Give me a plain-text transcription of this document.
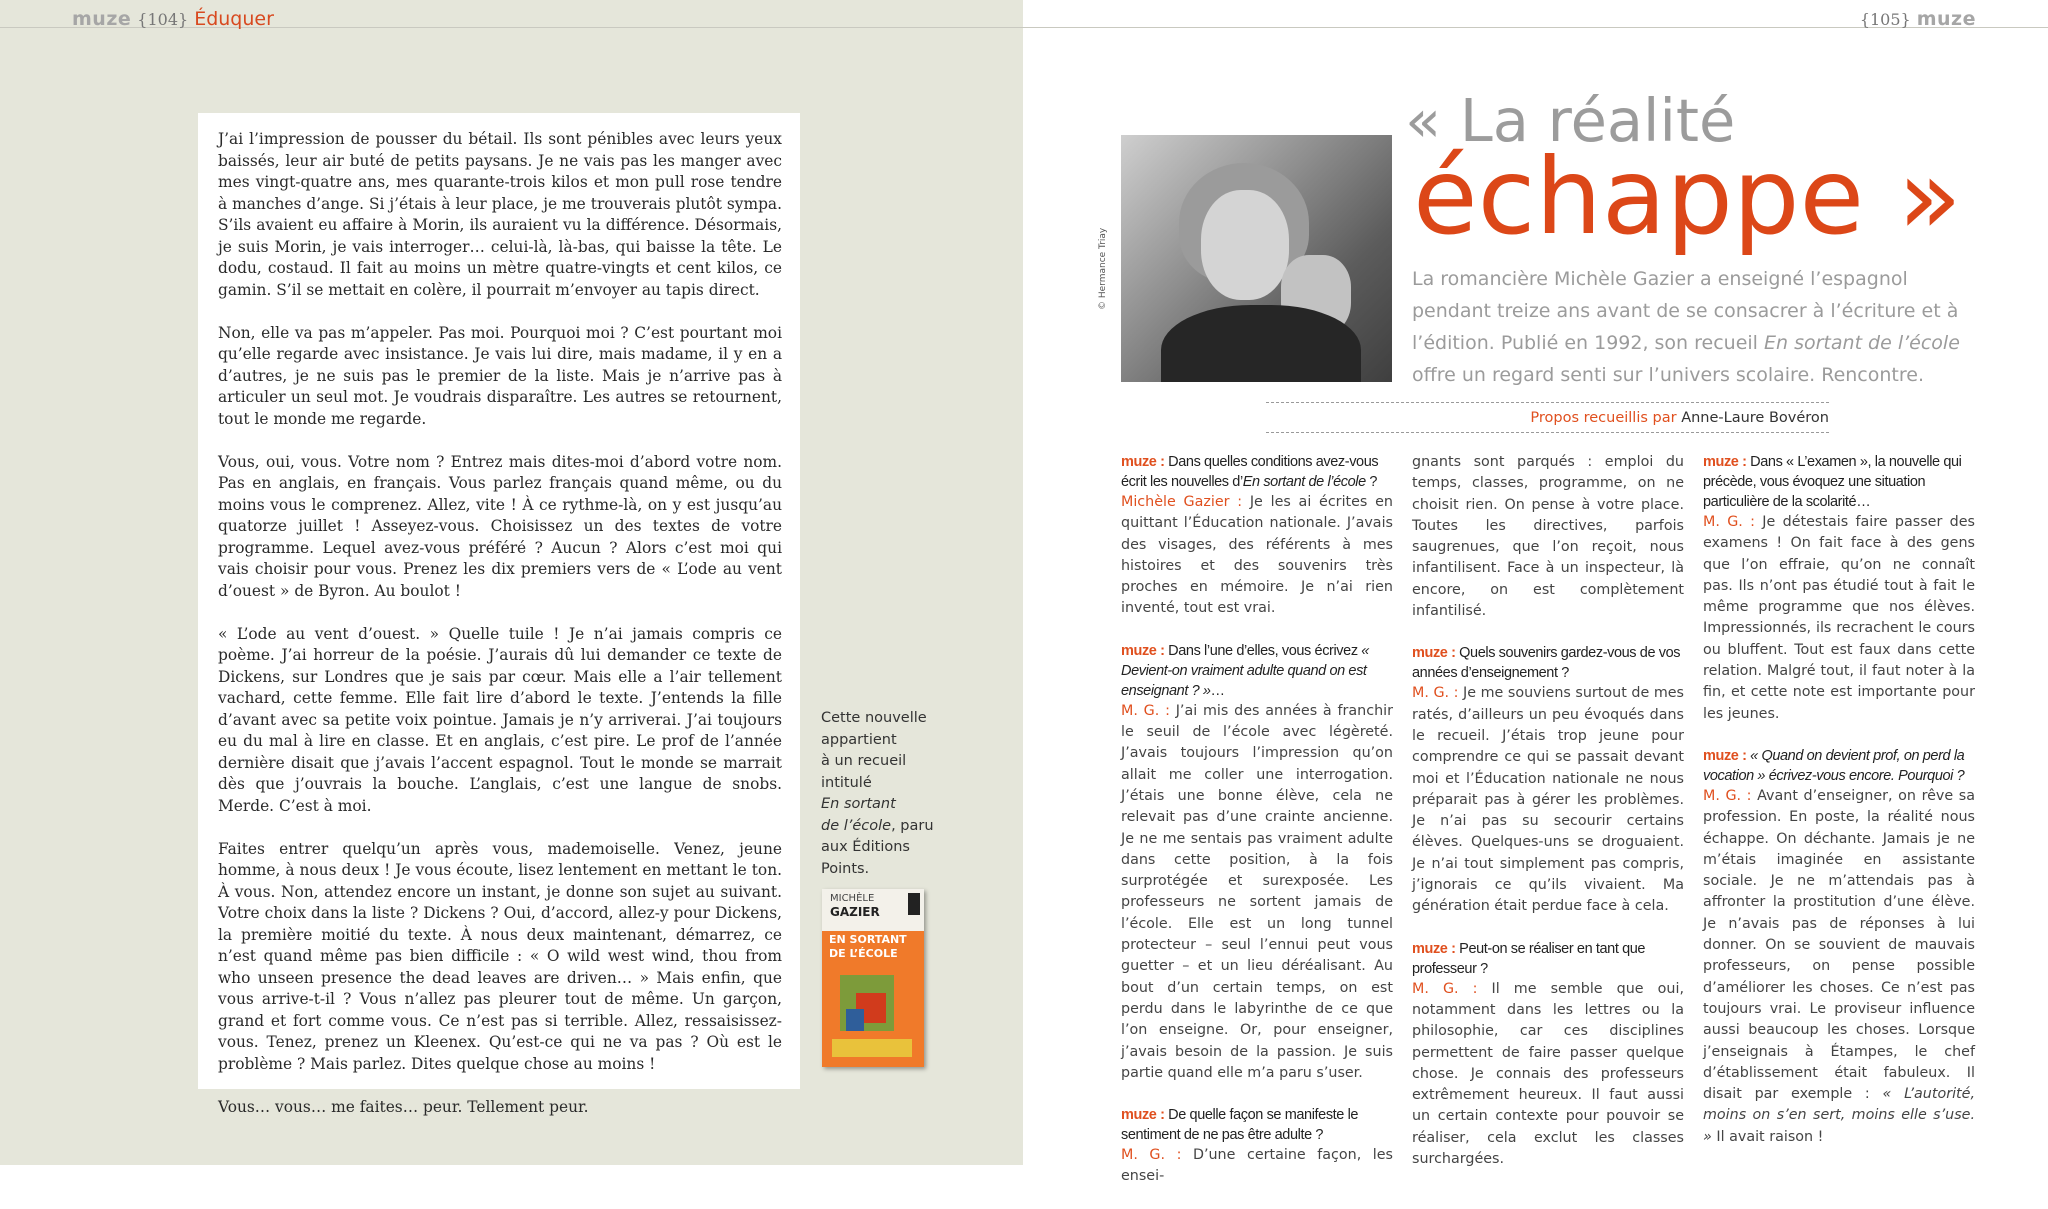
muze {104} Éduquer	{105} muze

J’ai l’impression de pousser du bétail. Ils sont pénibles avec leurs yeux baissés, leur air buté de petits paysans. Je ne vais pas les manger avec mes vingt-quatre ans, mes quarante-trois kilos et mon pull rose tendre à manches d’ange. Si j’étais à leur place, je me trouverais plutôt sympa. S’ils avaient eu affaire à Morin, ils auraient vu la différence. Désormais, je suis Morin, je vais interroger… celui-là, là-bas, qui baisse la tête. Le dodu, costaud. Il fait au moins un mètre quatre-vingts et cent kilos, ce gamin. S’il se mettait en colère, il pourrait m’envoyer au tapis direct.

Non, elle va pas m’appeler. Pas moi. Pourquoi moi ? C’est pourtant moi qu’elle regarde avec insistance. Je vais lui dire, mais madame, il y en a d’autres, je ne suis pas le premier de la liste. Mais je n’arrive pas à articuler un seul mot. Je voudrais disparaître. Les autres se retournent, tout le monde me regarde.

Vous, oui, vous. Votre nom ? Entrez mais dites-moi d’abord votre nom. Pas en anglais, en français. Vous parlez français quand même, ou du moins vous le comprenez. Allez, vite ! À ce rythme-là, on y est jusqu’au quatorze juillet ! Asseyez-vous. Choisissez un des textes de votre programme. Lequel avez-vous préféré ? Aucun ? Alors c’est moi qui vais choisir pour vous. Prenez les dix premiers vers de « L’ode au vent d’ouest » de Byron. Au boulot !

« L’ode au vent d’ouest. » Quelle tuile ! Je n’ai jamais compris ce poème. J’ai horreur de la poésie. J’aurais dû lui demander ce texte de Dickens, sur Londres que je sais par cœur. Mais elle a l’air tellement vachard, cette femme. Elle fait lire d’abord le texte. J’entends la fille d’avant avec sa petite voix pointue. Jamais je n’y arriverai. J’ai toujours eu du mal à lire en classe. Et en anglais, c’est pire. Le prof de l’année dernière disait que j’avais l’accent espagnol. Tout le monde se marrait dès que j’ouvrais la bouche. L’anglais, c’est une langue de snobs. Merde. C’est à moi.

Faites entrer quelqu’un après vous, mademoiselle. Venez, jeune homme, à nous deux ! Je vous écoute, lisez lentement en mettant le ton. À vous. Non, attendez encore un instant, je donne son sujet au suivant. Votre choix dans la liste ? Dickens ? Oui, d’accord, allez-y pour Dickens, la première moitié du texte. À nous deux maintenant, démarrez, ce n’est quand même pas bien difficile : « O wild west wind, thou from who unseen presence the dead leaves are driven… » Mais enfin, que vous arrive-t-il ? Vous n’allez pas pleurer tout de même. Un garçon, grand et fort comme vous. Ce n’est pas si terrible. Allez, ressaisissez-vous. Tenez, prenez un Kleenex. Qu’est-ce qui ne va pas ? Où est le problème ? Mais parlez. Dites quelque chose au moins !

Vous… vous… me faites… peur. Tellement peur.

Cette nouvelle
appartient
à un recueil
intitulé
En sortant
de l’école, paru
aux Éditions
Points.
MICHÈLE
GAZIER
EN SORTANT
DE L’ÉCOLE
© Hermance Triay
« La réalité
échappe »
La romancière Michèle Gazier a enseigné l’espagnol pendant treize ans avant de se consacrer à l’écriture et à l’édition. Publié en 1992, son recueil En sortant de l’école offre un regard senti sur l’univers scolaire. Rencontre.
Propos recueillis par Anne-Laure Bovéron

muze : Dans quelles conditions avez-vous écrit les nouvelles d’En sortant de l’école ?

Michèle Gazier : Je les ai écrites en quittant l’Éducation nationale. J’avais des visages, des référents à mes histoires et des souvenirs très proches en mémoire. Je n’ai rien inventé, tout est vrai.

muze : Dans l’une d’elles, vous écrivez « Devient-on vraiment adulte quand on est enseignant ? »…

M. G. : J’ai mis des années à franchir le seuil de l’école avec légèreté. J’avais toujours l’impression qu’on allait me coller une interrogation. J’étais une bonne élève, cela ne relevait pas d’une crainte ancienne. Je ne me sentais pas vraiment adulte dans cette position, à la fois surprotégée et surexposée. Les professeurs ne sortent jamais de l’école. Elle est un long tunnel protecteur – seul l’ennui peut vous guetter – et un lieu déréalisant. Au bout d’un certain temps, on est perdu dans le labyrinthe de ce que l’on enseigne. Or, pour enseigner, j’avais besoin de la passion. Je suis partie quand elle m’a paru s’user.

muze : De quelle façon se manifeste le sentiment de ne pas être adulte ?

M. G. : D’une certaine façon, les ensei-

gnants sont parqués : emploi du temps, classes, programme, on ne choisit rien. On pense à votre place. Toutes les directives, parfois saugrenues, que l’on reçoit, nous infantilisent. Face à un inspecteur, là encore, on est complètement infantilisé.

muze : Quels souvenirs gardez-vous de vos années d’enseignement ?

M. G. : Je me souviens surtout de mes ratés, d’ailleurs un peu évoqués dans le recueil. J’étais trop jeune pour comprendre ce qui se passait devant moi et l’Éducation nationale ne nous préparait pas à gérer les problèmes. Je n’ai pas su secourir certains élèves. Quelques-uns se droguaient. Je n’ai tout simplement pas compris, j’ignorais ce qu’ils vivaient. Ma génération était perdue face à cela.

muze : Peut-on se réaliser en tant que professeur ?

M. G. : Il me semble que oui, notamment dans les lettres ou la philosophie, car ces disciplines permettent de faire passer quelque chose. Je connais des professeurs extrêmement heureux. Il faut aussi un certain contexte pour pouvoir se réaliser, cela exclut les classes surchargées.

muze : Dans « L’examen », la nouvelle qui précède, vous évoquez une situation particulière de la scolarité…

M. G. : Je détestais faire passer des examens ! On fait face à des gens que l’on effraie, qu’on ne connaît pas. Ils n’ont pas étudié tout à fait le même programme que nos élèves. Impressionnés, ils recrachent le cours ou bluffent. Tout est faux dans cette relation. Malgré tout, il faut noter à la fin, et cette note est importante pour les jeunes.

muze : « Quand on devient prof, on perd la vocation » écrivez-vous encore. Pourquoi ?

M. G. : Avant d’enseigner, on rêve sa profession. En poste, la réalité nous échappe. On déchante. Jamais je ne m’étais imaginée en assistante sociale. Je ne m’attendais pas à affronter la prostitution d’une élève. Je n’avais pas de réponses à lui donner. On se souvient de mauvais professeurs, on pense possible d’améliorer les choses. Ce n’est pas toujours vrai. Le proviseur influence aussi beaucoup les choses. Lorsque j’enseignais à Étampes, le chef d’établissement était fabuleux. Il disait par exemple : « L’autorité, moins on s’en sert, moins elle s’use. » Il avait raison !
